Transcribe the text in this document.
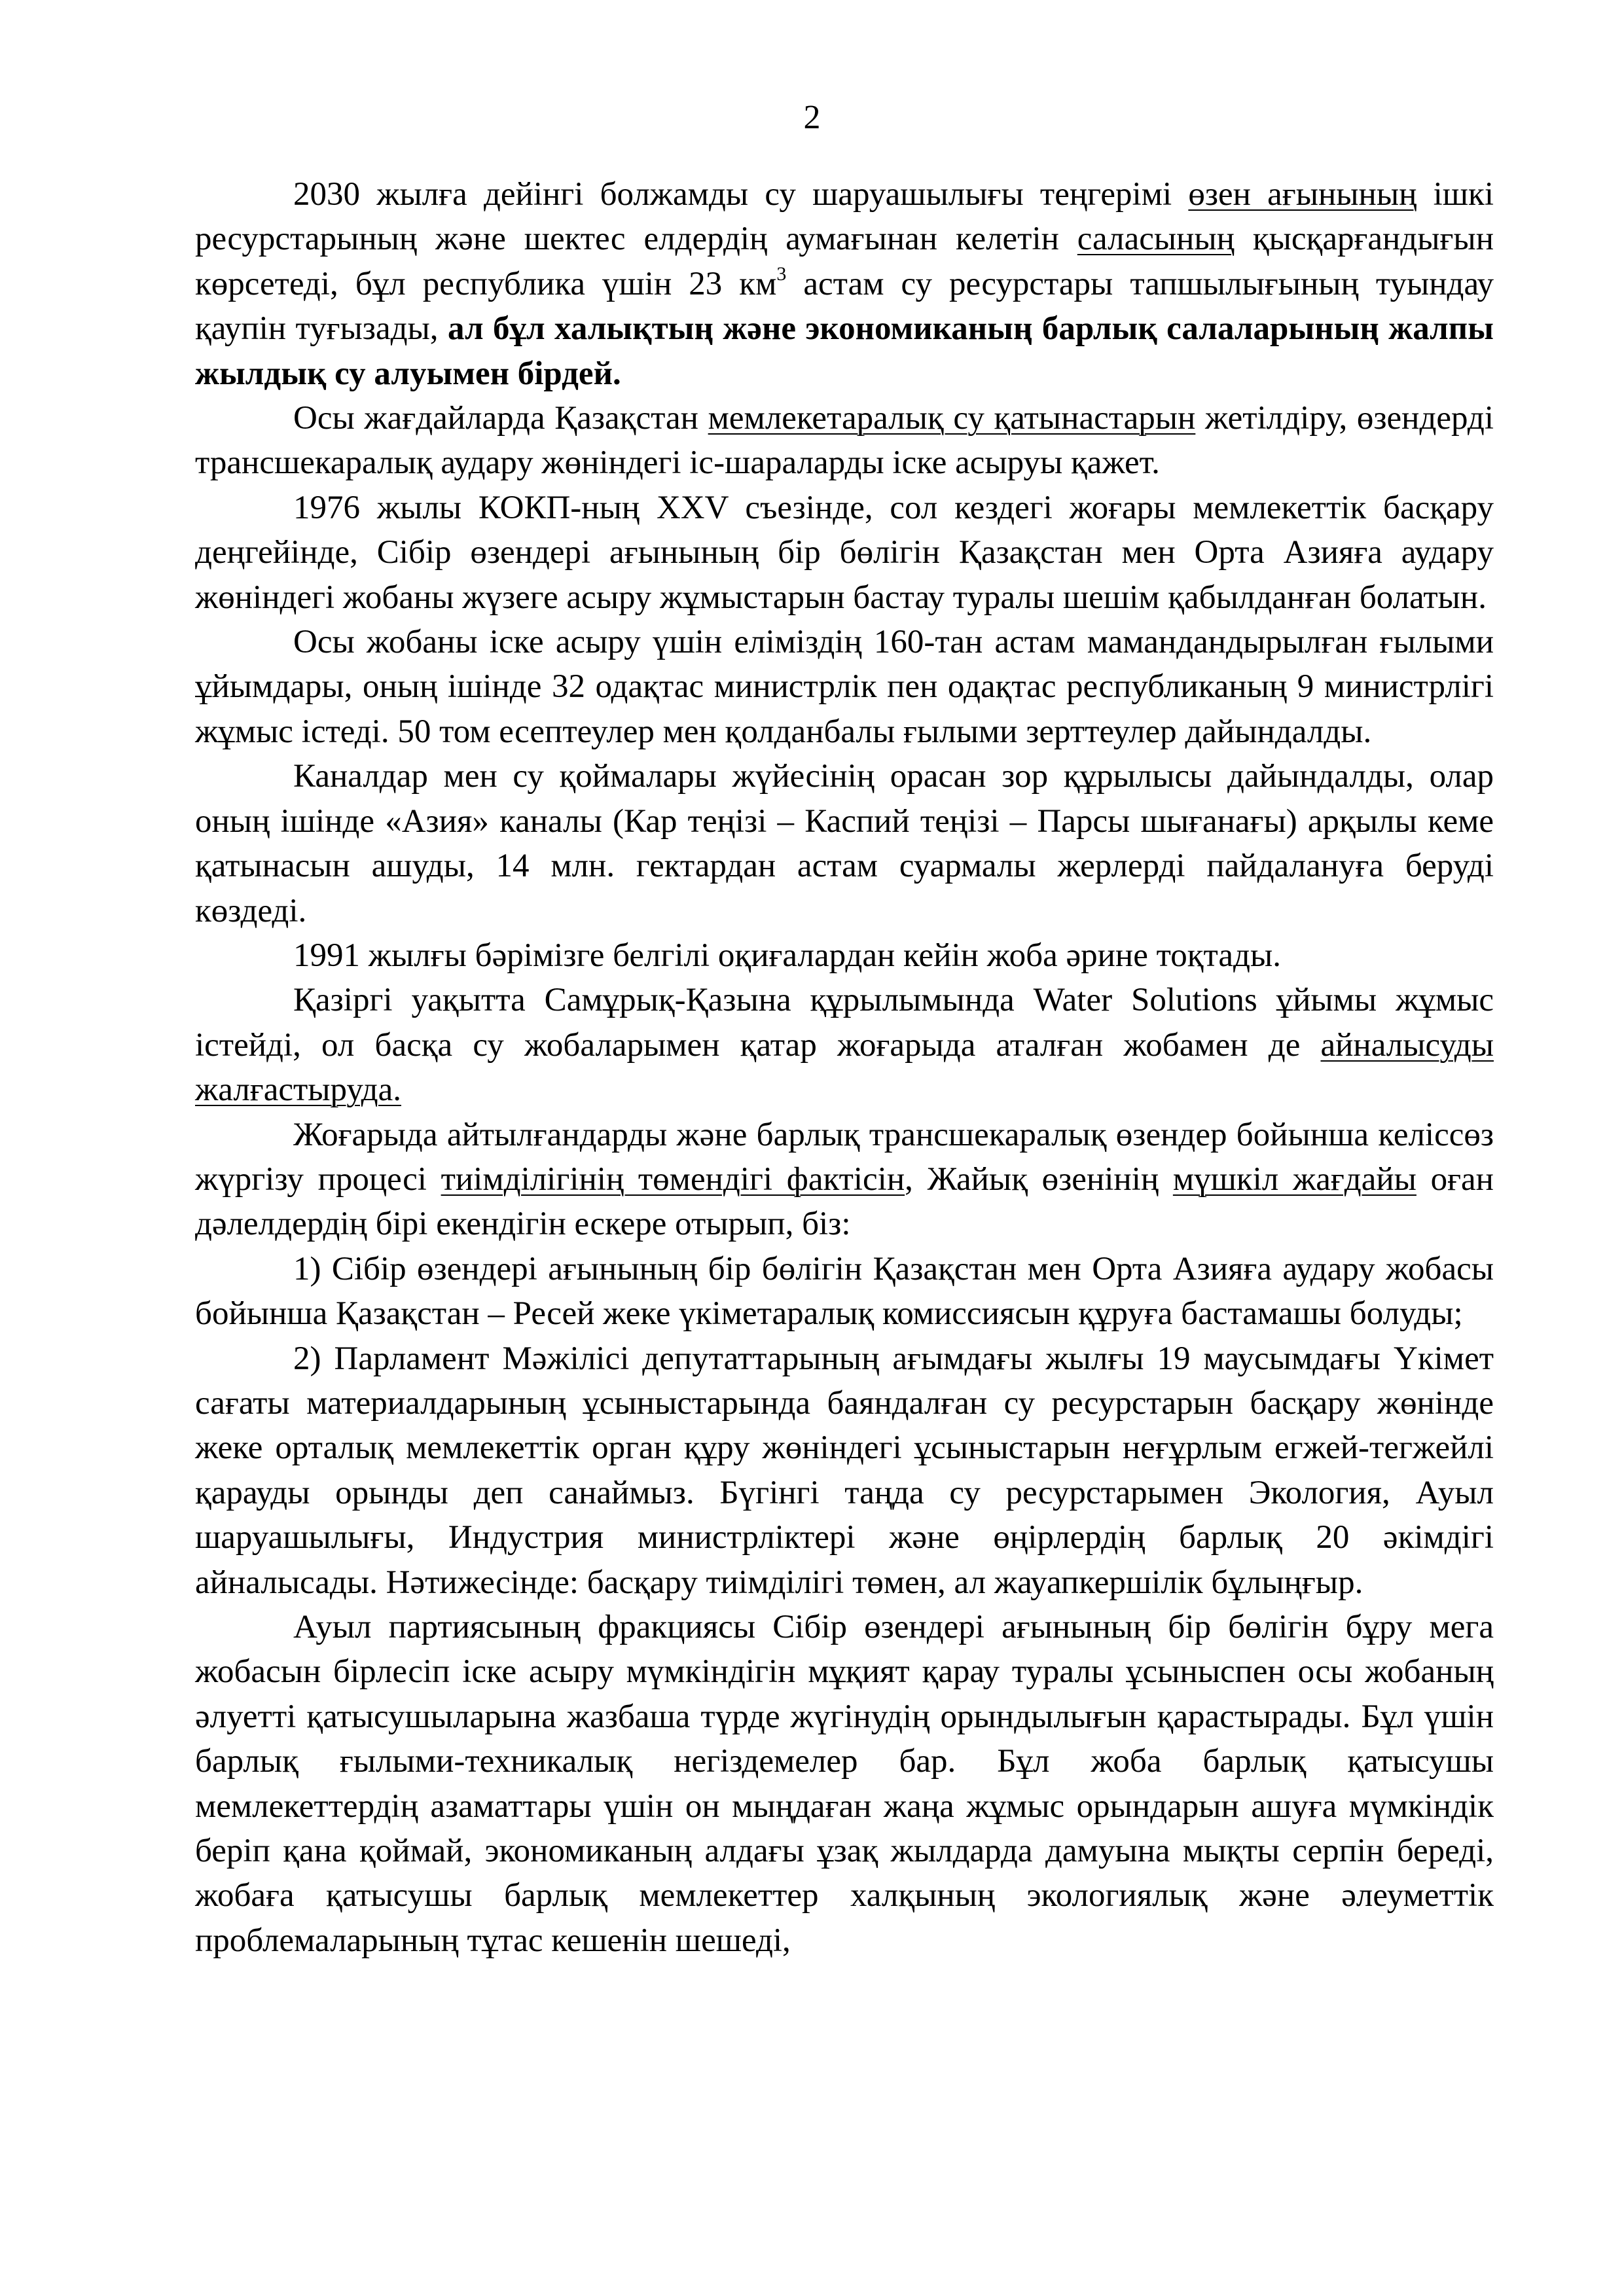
2

2030 жылға дейінгі болжамды су шаруашылығы теңгерімі өзен ағынының ішкі ресурстарының және шектес елдердің аумағынан келетін саласының қысқарғандығын көрсетеді, бұл республика үшін 23 $км^3$ астам су ресурстары тапшылығының туындау қаупін туғызады, ал бұл халықтың және экономиканың барлық салаларының жалпы жылдық су алуымен бірдей.

Осы жағдайларда Қазақстан мемлекетаралық су қатынастарын жетілдіру, өзендерді трансшекаралық аудару жөніндегі іс-шараларды іске асыруы қажет.

1976 жылы КОКП-ның XXV съезінде, сол кездегі жоғары мемлекеттік басқару деңгейінде, Сібір өзендері ағынының бір бөлігін Қазақстан мен Орта Азияға аудару жөніндегі жобаны жүзеге асыру жұмыстарын бастау туралы шешім қабылданған болатын.

Осы жобаны іске асыру үшін еліміздің 160-тан астам мамандандырылған ғылыми ұйымдары, оның ішінде 32 одақтас министрлік пен одақтас республиканың 9 министрлігі жұмыс істеді. 50 том есептеулер мен қолданбалы ғылыми зерттеулер дайындалды.

Каналдар мен су қоймалары жүйесінің орасан зор құрылысы дайындалды, олар оның ішінде «Азия» каналы (Кар теңізі – Каспий теңізі – Парсы шығанағы) арқылы кеме қатынасын ашуды, 14 млн. гектардан астам суармалы жерлерді пайдалануға беруді көздеді.

1991 жылғы бәрімізге белгілі оқиғалардан кейін жоба әрине тоқтады.

Қазіргі уақытта Самұрық-Қазына құрылымында Water Solutions ұйымы жұмыс істейді, ол басқа су жобаларымен қатар жоғарыда аталған жобамен де айналысуды жалғастыруда.

Жоғарыда айтылғандарды және барлық трансшекаралық өзендер бойынша келіссөз жүргізу процесі тиімділігінің төмендігі фактісін, Жайық өзенінің мүшкіл жағдайы оған дәлелдердің бірі екендігін ескере отырып, біз:

1) Сібір өзендері ағынының бір бөлігін Қазақстан мен Орта Азияға аудару жобасы бойынша Қазақстан – Ресей жеке үкіметаралық комиссиясын құруға бастамашы болуды;

2) Парламент Мәжілісі депутаттарының ағымдағы жылғы 19 маусымдағы Үкімет сағаты материалдарының ұсыныстарында баяндалған су ресурстарын басқару жөнінде жеке орталық мемлекеттік орган құру жөніндегі ұсыныстарын неғұрлым егжей-тегжейлі қарауды орынды деп санаймыз. Бүгінгі таңда су ресурстарымен Экология, Ауыл шаруашылығы, Индустрия министрліктері және өңірлердің барлық 20 әкімдігі айналысады. Нәтижесінде: басқару тиімділігі төмен, ал жауапкершілік бұлыңғыр.

Ауыл партиясының фракциясы Сібір өзендері ағынының бір бөлігін бұру мега жобасын бірлесіп іске асыру мүмкіндігін мұқият қарау туралы ұсыныспен осы жобаның әлуетті қатысушыларына жазбаша түрде жүгінудің орындылығын қарастырады. Бұл үшін барлық ғылыми-техникалық негіздемелер бар. Бұл жоба барлық қатысушы мемлекеттердің азаматтары үшін он мыңдаған жаңа жұмыс орындарын ашуға мүмкіндік беріп қана қоймай, экономиканың алдағы ұзақ жылдарда дамуына мықты серпін береді, жобаға қатысушы барлық мемлекеттер халқының экологиялық және әлеуметтік проблемаларының тұтас кешенін шешеді,
